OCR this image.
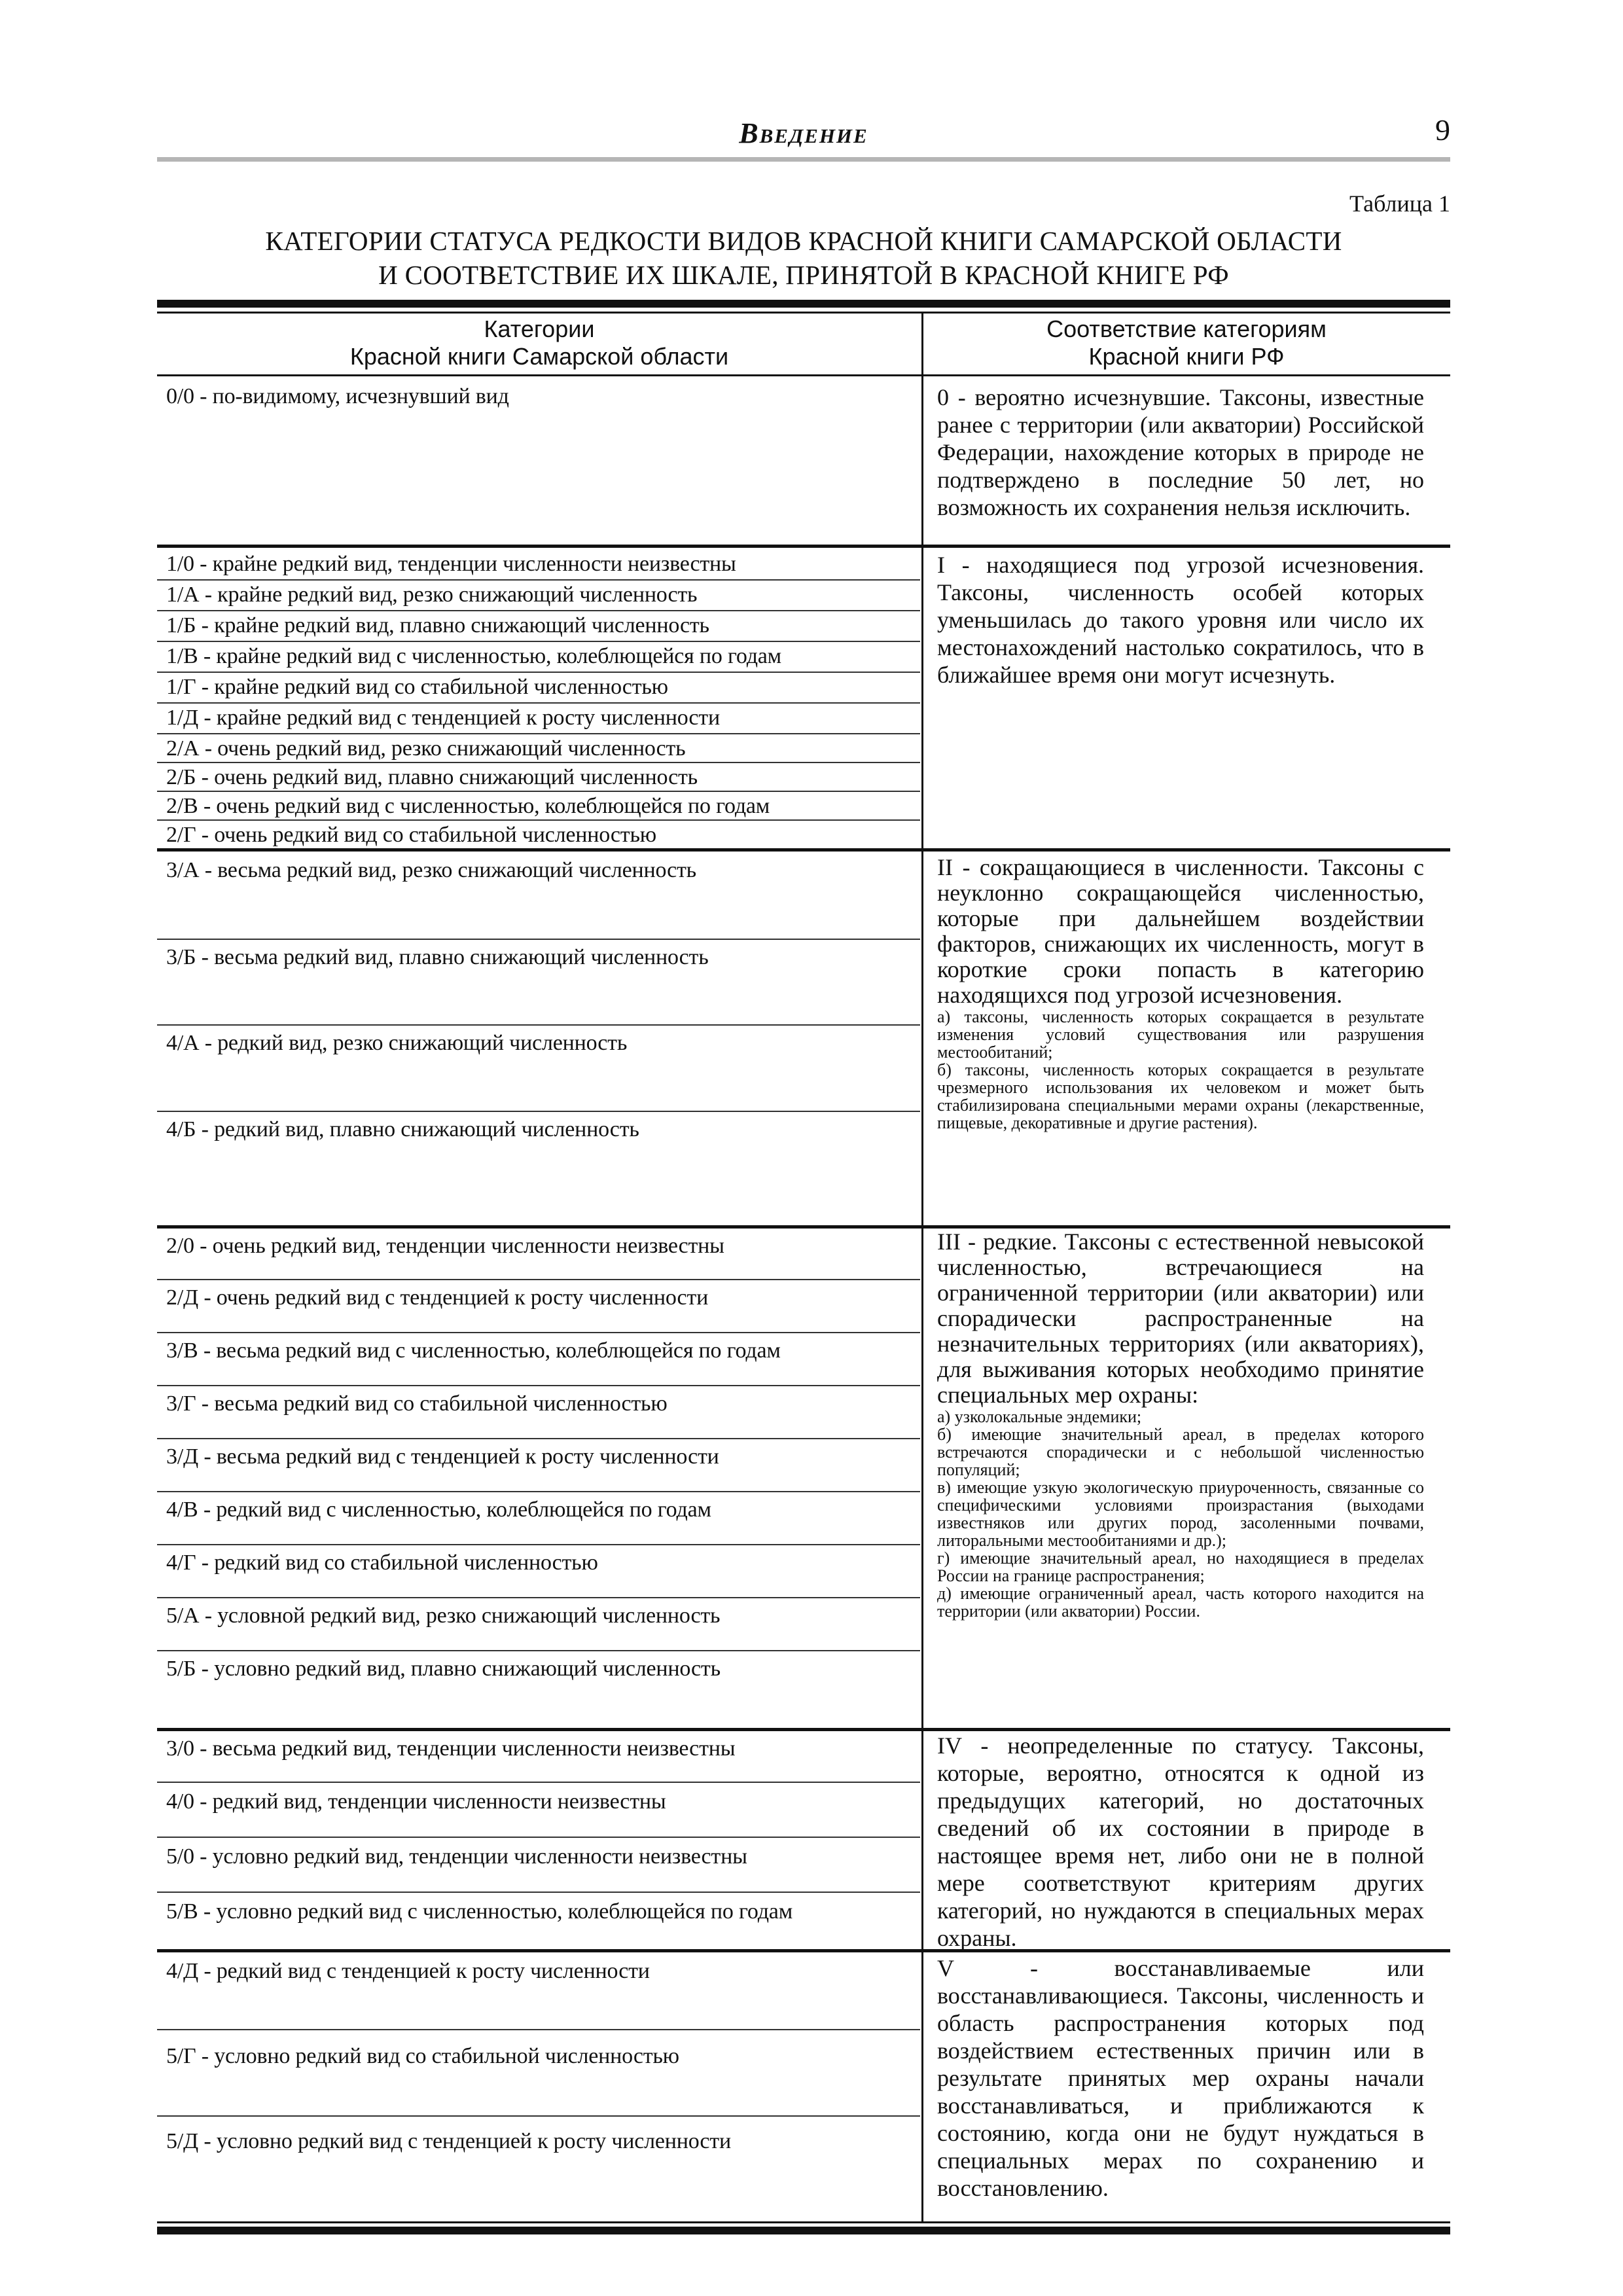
Введение	9
Таблица 1
КАТЕГОРИИ СТАТУСА РЕДКОСТИ ВИДОВ КРАСНОЙ КНИГИ САМАРСКОЙ ОБЛАСТИ
И СООТВЕТСТВИЕ ИХ ШКАЛЕ, ПРИНЯТОЙ В КРАСНОЙ КНИГЕ РФ
Категории
Красной книги Самарской области
Соответствие категориям
Красной книги РФ
0/0 - по-видимому, исчезнувший вид	0 - вероятно исчезнувшие. Таксоны, известные ранее с территории (или акватории) Российской Федерации, нахождение которых в природе не подтверждено в последние 50 лет, но возможность их сохранения нельзя исключить.
1/0 - крайне редкий вид, тенденции численности неизвестны
1/А - крайне редкий вид, резко снижающий численность
1/Б - крайне редкий вид, плавно снижающий численность
1/В - крайне редкий вид с численностью, колеблющейся по годам
1/Г - крайне редкий вид со стабильной численностью
1/Д - крайне редкий вид с тенденцией к росту численности
2/А - очень редкий вид, резко снижающий численность
2/Б - очень редкий вид, плавно снижающий численность
2/В - очень редкий вид с численностью, колеблющейся по годам
2/Г - очень редкий вид со стабильной численностью
I - находящиеся под угрозой исчезновения. Таксоны, численность особей которых уменьшилась до такого уровня или число их местонахождений настолько сократилось, что в ближайшее время они могут исчезнуть.
3/А - весьма редкий вид, резко снижающий численность
3/Б - весьма редкий вид, плавно снижающий численность
4/А - редкий вид, резко снижающий численность
4/Б - редкий вид, плавно снижающий численность
II - сокращающиеся в численности. Таксоны с неуклонно сокращающейся численностью, которые при дальнейшем воздействии факторов, снижающих их численность, могут в короткие сроки попасть в категорию находящихся под угрозой исчезновения.
а) таксоны, численность которых сокращается в результате изменения условий существования или разрушения местообитаний;
б) таксоны, численность которых сокращается в результате чрезмерного использования их человеком и может быть стабилизирована специальными мерами охраны (лекарственные, пищевые, декоративные и другие растения).
2/0 - очень редкий вид, тенденции численности неизвестны
2/Д - очень редкий вид с тенденцией к росту численности
3/В - весьма редкий вид с численностью, колеблющейся по годам
3/Г - весьма редкий вид со стабильной численностью
3/Д - весьма редкий вид с тенденцией к росту численности
4/В - редкий вид с численностью, колеблющейся по годам
4/Г - редкий вид со стабильной численностью
5/А - условной редкий вид, резко снижающий численность
5/Б - условно редкий вид, плавно снижающий численность
III - редкие. Таксоны с естественной невысокой численностью, встречающиеся на ограниченной территории (или акватории) или спорадически распространенные на незначительных территориях (или акваториях), для выживания которых необходимо принятие специальных мер охраны:
а) узколокальные эндемики;
б) имеющие значительный ареал, в пределах которого встречаются спорадически и с небольшой численностью популяций;
в) имеющие узкую экологическую приуроченность, связанные со специфическими условиями произрастания (выходами известняков или других пород, засоленными почвами, литоральными местообитаниями и др.);
г) имеющие значительный ареал, но находящиеся в пределах России на границе распространения;
д) имеющие ограниченный ареал, часть которого находится на территории (или акватории) России.
3/0 - весьма редкий вид, тенденции численности неизвестны
4/0 - редкий вид, тенденции численности неизвестны
5/0 - условно редкий вид, тенденции численности неизвестны
5/В - условно редкий вид с численностью, колеблющейся по годам
IV - неопределенные по статусу. Таксоны, которые, вероятно, относятся к одной из предыдущих категорий, но достаточных сведений об их состоянии в природе в настоящее время нет, либо они не в полной мере соответствуют критериям других категорий, но нуждаются в специальных мерах охраны.
4/Д - редкий вид с тенденцией к росту численности
5/Г - условно редкий вид со стабильной численностью
5/Д - условно редкий вид с тенденцией к росту численности
V - восстанавливаемые или восстанавливающиеся. Таксоны, численность и область распространения которых под воздействием естественных причин или в результате принятых мер охраны начали восстанавливаться, и приближаются к состоянию, когда они не будут нуждаться в специальных мерах по сохранению и восстановлению.
